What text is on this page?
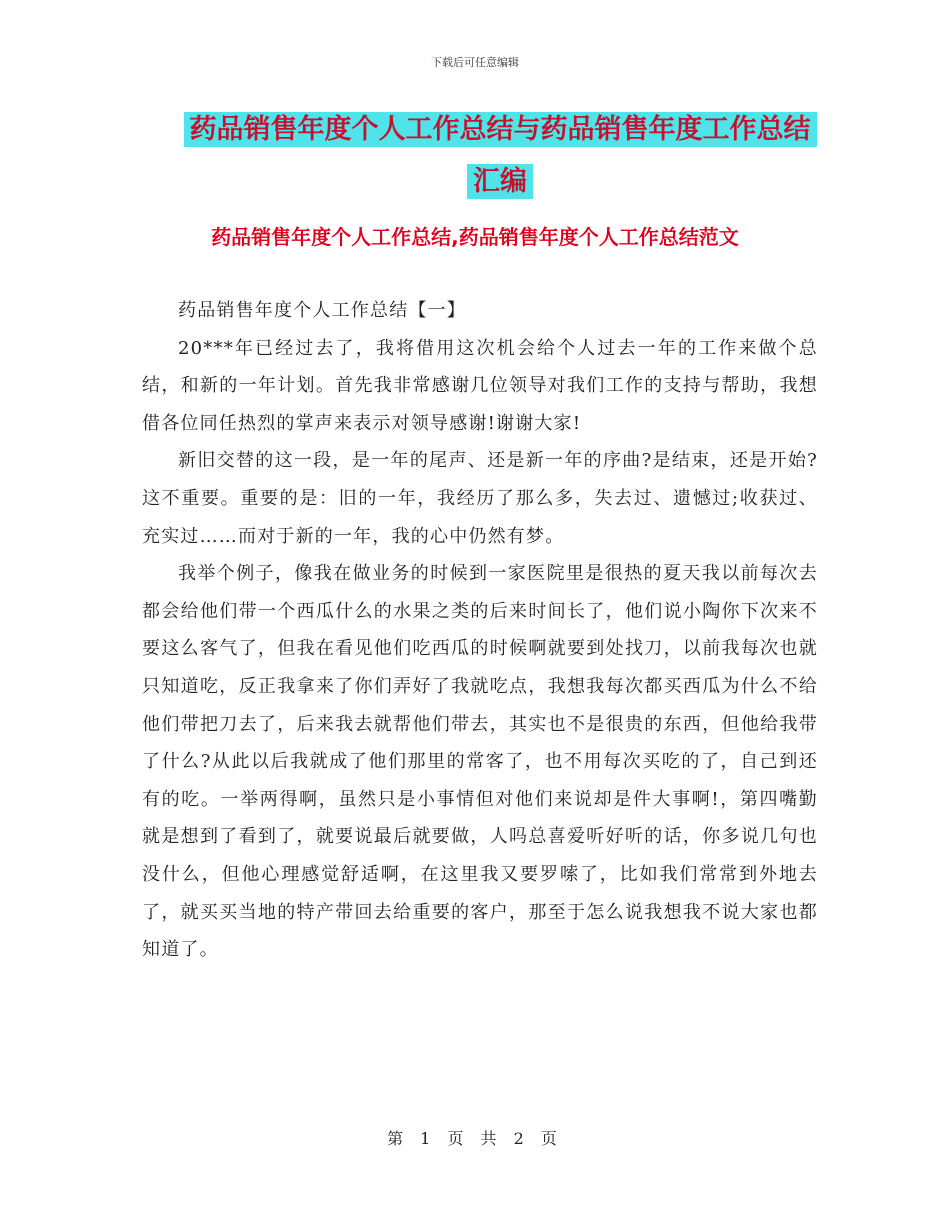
下载后可任意编辑
药品销售年度个人工作总结与药品销售年度工作总结
汇编
药品销售年度个人工作总结,药品销售年度个人工作总结范文

药品销售年度个人工作总结【一】

20***年已经过去了，我将借用这次机会给个人过去一年的工作来做个总结，和新的一年计划。首先我非常感谢几位领导对我们工作的支持与帮助，我想借各位同任热烈的掌声来表示对领导感谢!谢谢大家!

新旧交替的这一段，是一年的尾声、还是新一年的序曲?是结束，还是开始?这不重要。重要的是：旧的一年，我经历了那么多，失去过、遗憾过;收获过、充实过……而对于新的一年，我的心中仍然有梦。

我举个例子，像我在做业务的时候到一家医院里是很热的夏天我以前每次去都会给他们带一个西瓜什么的水果之类的后来时间长了，他们说小陶你下次来不要这么客气了，但我在看见他们吃西瓜的时候啊就要到处找刀，以前我每次也就只知道吃，反正我拿来了你们弄好了我就吃点，我想我每次都买西瓜为什么不给他们带把刀去了，后来我去就帮他们带去，其实也不是很贵的东西，但他给我带了什么?从此以后我就成了他们那里的常客了，也不用每次买吃的了，自己到还有的吃。一举两得啊，虽然只是小事情但对他们来说却是件大事啊!，第四嘴勤就是想到了看到了，就要说最后就要做，人吗总喜爱听好听的话，你多说几句也没什么，但他心理感觉舒适啊，在这里我又要罗嗦了，比如我们常常到外地去了，就买买当地的特产带回去给重要的客户，那至于怎么说我想我不说大家也都知道了。

第 1 页 共 2 页
